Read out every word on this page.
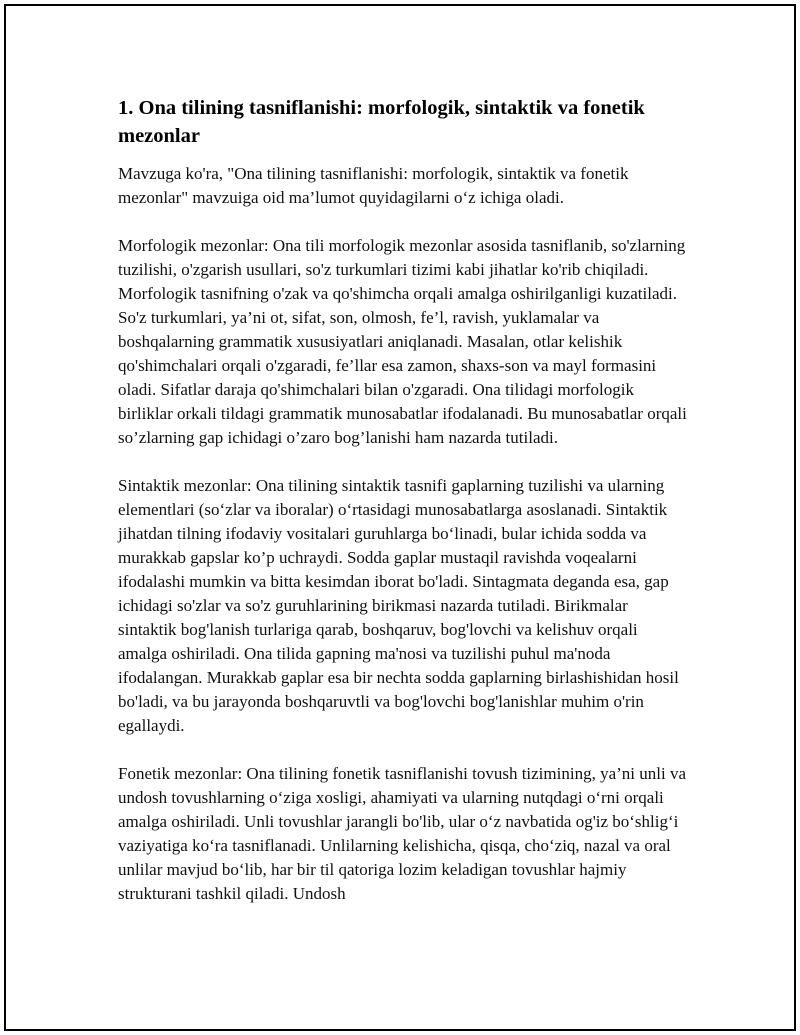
1. Ona tilining tasniflanishi: morfologik, sintaktik va fonetik mezonlar

Mavzuga ko'ra, "Ona tilining tasniflanishi: morfologik, sintaktik va fonetik mezonlar" mavzuiga oid ma’lumot quyidagilarni o‘z ichiga oladi.

Morfologik mezonlar: Ona tili morfologik mezonlar asosida tasniflanib, so'zlarning tuzilishi, o'zgarish usullari, so'z turkumlari tizimi kabi jihatlar ko'rib chiqiladi. Morfologik tasnifning o'zak va qo'shimcha orqali amalga oshirilganligi kuzatiladi. So'z turkumlari, ya’ni ot, sifat, son, olmosh, fe’l, ravish, yuklamalar va boshqalarning grammatik xususiyatlari aniqlanadi. Masalan, otlar kelishik qo'shimchalari orqali o'zgaradi, fe’llar esa zamon, shaxs-son va mayl formasini oladi. Sifatlar daraja qo'shimchalari bilan o'zgaradi. Ona tilidagi morfologik birliklar orkali tildagi grammatik munosabatlar ifodalanadi. Bu munosabatlar orqali so’zlarning gap ichidagi o’zaro bog’lanishi ham nazarda tutiladi.

Sintaktik mezonlar: Ona tilining sintaktik tasnifi gaplarning tuzilishi va ularning elementlari (so‘zlar va iboralar) o‘rtasidagi munosabatlarga asoslanadi. Sintaktik jihatdan tilning ifodaviy vositalari guruhlarga bo‘linadi, bular ichida sodda va murakkab gapslar ko’p uchraydi. Sodda gaplar mustaqil ravishda voqealarni ifodalashi mumkin va bitta kesimdan iborat bo'ladi. Sintagmata deganda esa, gap ichidagi so'zlar va so'z guruhlarining birikmasi nazarda tutiladi. Birikmalar sintaktik bog'lanish turlariga qarab, boshqaruv, bog'lovchi va kelishuv orqali amalga oshiriladi. Ona tilida gapning ma'nosi va tuzilishi puhul ma'noda ifodalangan. Murakkab gaplar esa bir nechta sodda gaplarning birlashishidan hosil bo'ladi, va bu jarayonda boshqaruvtli va bog'lovchi bog'lanishlar muhim o'rin egallaydi.

Fonetik mezonlar: Ona tilining fonetik tasniflanishi tovush tizimining, ya’ni unli va undosh tovushlarning o‘ziga xosligi, ahamiyati va ularning nutqdagi o‘rni orqali amalga oshiriladi. Unli tovushlar jarangli bo'lib, ular o‘z navbatida og'iz bo‘shlig‘i vaziyatiga ko‘ra tasniflanadi. Unlilarning kelishicha, qisqa, cho‘ziq, nazal va oral unlilar mavjud bo‘lib, har bir til qatoriga lozim keladigan tovushlar hajmiy strukturani tashkil qiladi. Undosh
